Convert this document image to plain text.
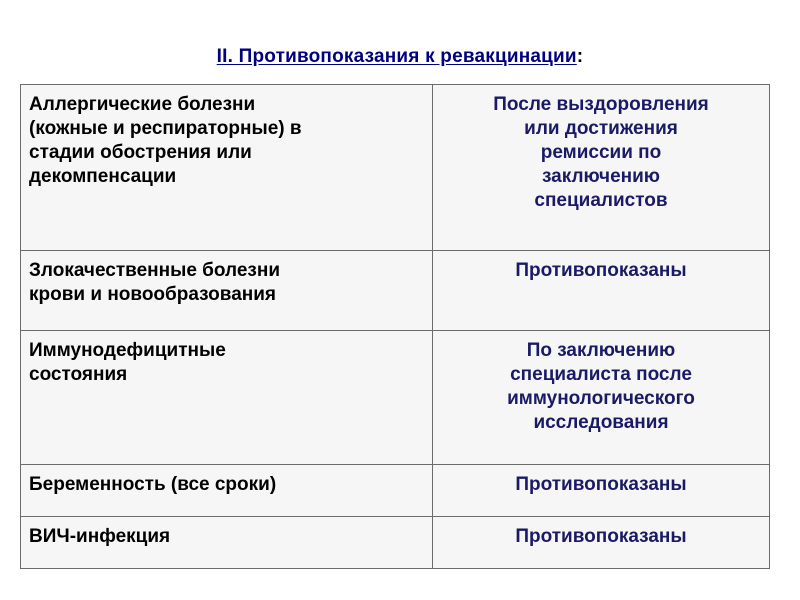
II. Противопоказания к ревакцинации:
Аллергические болезни
(кожные и респираторные) в
стадии обострения или
декомпенсации	После выздоровления
или достижения
ремиссии по
заключению
специалистов

Злокачественные болезни
крови и новообразования	Противопоказаны

Иммунодефицитные
состояния	По заключению
специалиста после
иммунологического
исследования

Беременность (все сроки)	Противопоказаны

ВИЧ-инфекция	Противопоказаны
